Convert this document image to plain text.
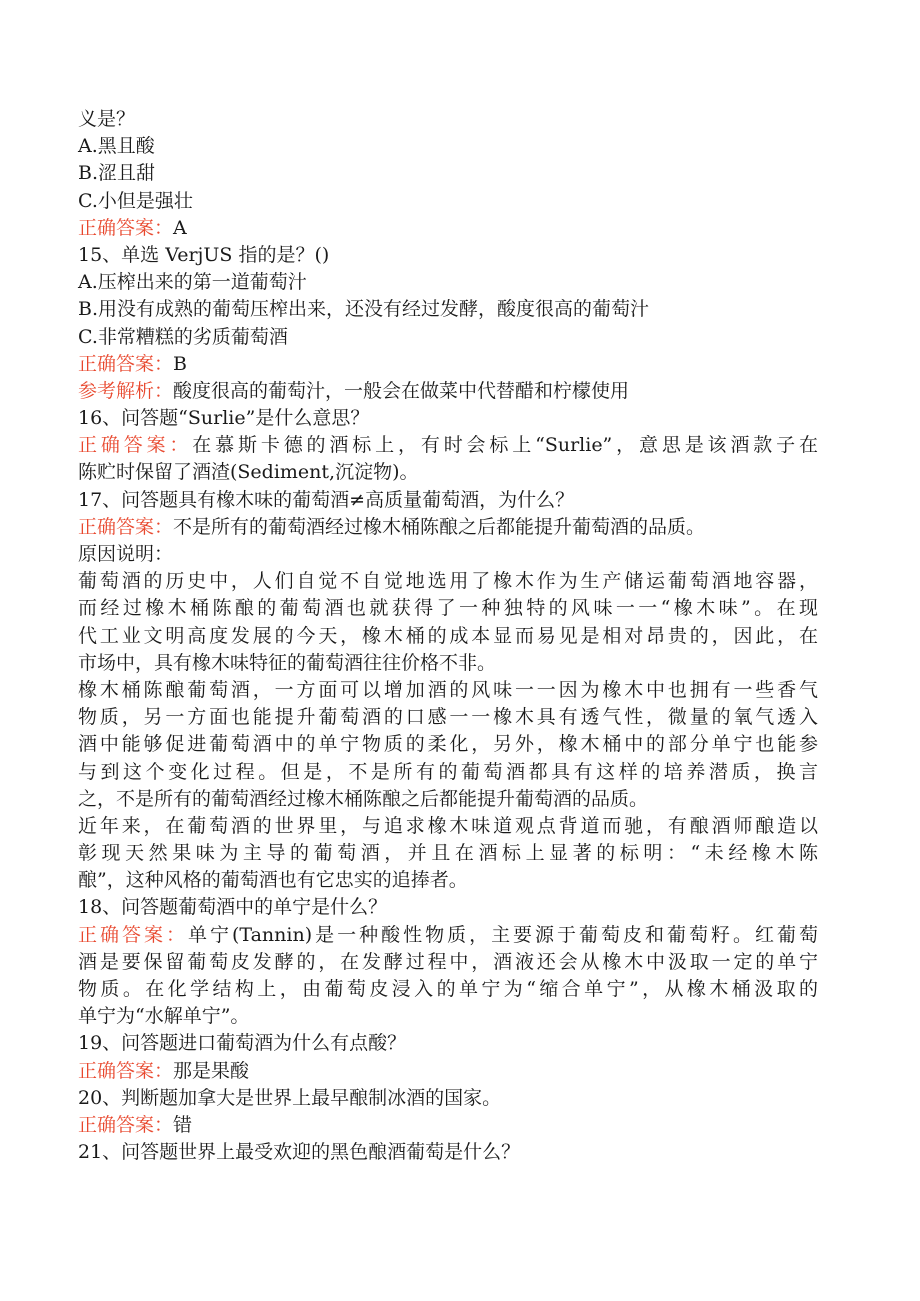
义是？
A.黑且酸
B.涩且甜
C.小但是强壮
正确答案：A
15、单选 VerjUS 指的是？()
A.压榨出来的第一道葡萄汁
B.用没有成熟的葡萄压榨出来，还没有经过发酵，酸度很高的葡萄汁
C.非常糟糕的劣质葡萄酒
正确答案：B
参考解析：酸度很高的葡萄汁，一般会在做菜中代替醋和柠檬使用
16、问答题“Surlie”是什么意思？
正确答案：在慕斯卡德的酒标上，有时会标上“Surlie”，意思是该酒款子在
陈贮时保留了酒渣(Sediment,沉淀物)。
17、问答题具有橡木味的葡萄酒≠高质量葡萄酒，为什么？
正确答案：不是所有的葡萄酒经过橡木桶陈酿之后都能提升葡萄酒的品质。
原因说明：
葡萄酒的历史中，人们自觉不自觉地选用了橡木作为生产储运葡萄酒地容器，
而经过橡木桶陈酿的葡萄酒也就获得了一种独特的风味一一“橡木味”。在现
代工业文明高度发展的今天，橡木桶的成本显而易见是相对昂贵的，因此，在
市场中，具有橡木味特征的葡萄酒往往价格不非。
橡木桶陈酿葡萄酒，一方面可以增加酒的风味一一因为橡木中也拥有一些香气
物质，另一方面也能提升葡萄酒的口感一一橡木具有透气性，微量的氧气透入
酒中能够促进葡萄酒中的单宁物质的柔化，另外，橡木桶中的部分单宁也能参
与到这个变化过程。但是，不是所有的葡萄酒都具有这样的培养潜质，换言
之，不是所有的葡萄酒经过橡木桶陈酿之后都能提升葡萄酒的品质。
近年来，在葡萄酒的世界里，与追求橡木味道观点背道而驰，有酿酒师酿造以
彰现天然果味为主导的葡萄酒，并且在酒标上显著的标明：“未经橡木陈
酿”，这种风格的葡萄酒也有它忠实的追捧者。
18、问答题葡萄酒中的单宁是什么？
正确答案：单宁(Tannin)是一种酸性物质，主要源于葡萄皮和葡萄籽。红葡萄
酒是要保留葡萄皮发酵的，在发酵过程中，酒液还会从橡木中汲取一定的单宁
物质。在化学结构上，由葡萄皮浸入的单宁为“缩合单宁”，从橡木桶汲取的
单宁为“水解单宁”。
19、问答题进口葡萄酒为什么有点酸？
正确答案：那是果酸
20、判断题加拿大是世界上最早酿制冰酒的国家。
正确答案：错
21、问答题世界上最受欢迎的黑色酿酒葡萄是什么？
